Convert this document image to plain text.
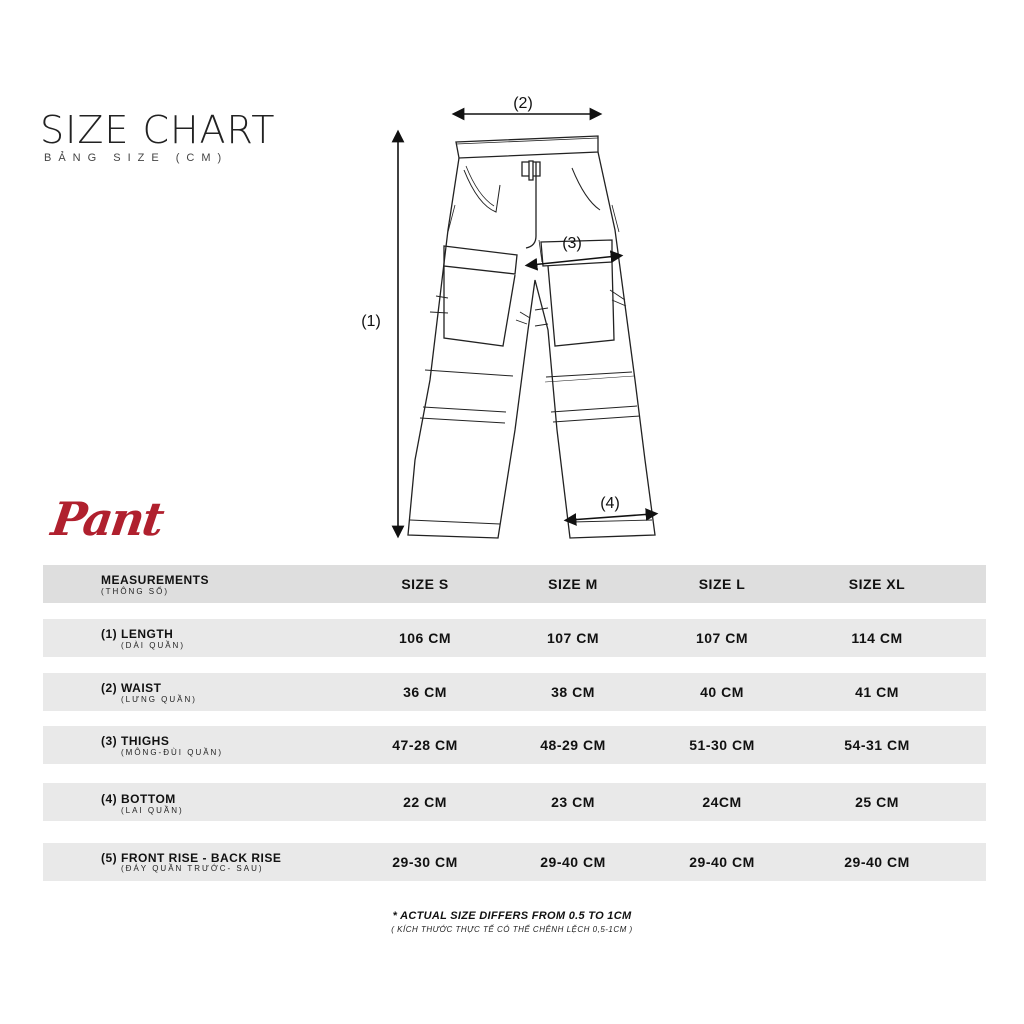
SIZE CHART
BẢNG SIZE (CM)
Pant
(2)
(1)
(3)
(4)
MEASUREMENTS
(THÔNG SỐ)	SIZE S	SIZE M	SIZE L	SIZE XL
(1) LENGTH
(DÀI QUẦN)	106 CM	107 CM	107 CM	114 CM
(2) WAIST
(LƯNG QUẦN)	36 CM	38 CM	40 CM	41 CM
(3) THIGHS
(MÔNG-ĐÙI QUẦN)	47-28 CM	48-29 CM	51-30 CM	54-31 CM
(4) BOTTOM
(LAI QUẦN)
22 CM	23 CM	24CM	25 CM
(5) FRONT RISE - BACK RISE
(ĐÁY QUẦN TRƯỚC- SAU)	29-30 CM	29-40 CM	29-40 CM	29-40 CM
* ACTUAL SIZE DIFFERS FROM 0.5 TO 1CM
( KÍCH THƯỚC THỰC TẾ CÓ THỂ CHÊNH LỆCH 0,5-1CM )
